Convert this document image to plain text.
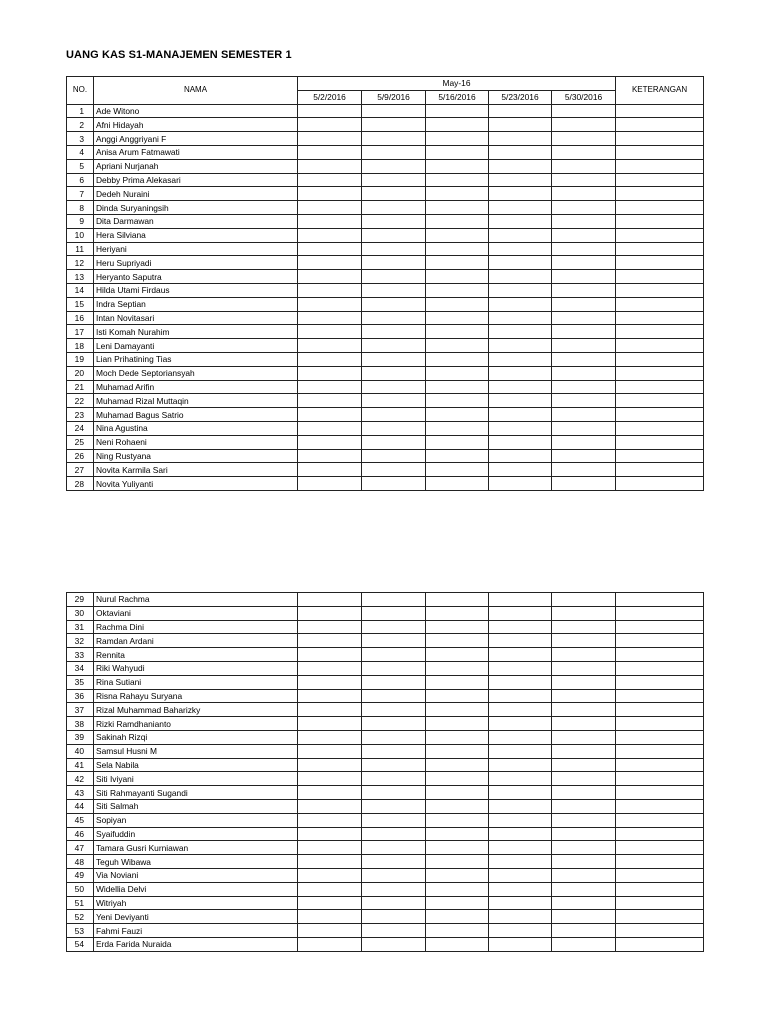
UANG KAS S1-MANAJEMEN SEMESTER 1
NO.	NAMA	May-16					KETERANGAN
		5/2/2016	5/9/2016	5/16/2016	5/23/2016	5/30/2016	
1	Ade Witono						
2	Afni Hidayah						
3	Anggi Anggriyani F						
4	Anisa Arum Fatmawati						
5	Apriani Nurjanah						
6	Debby Prima Alekasari						
7	Dedeh Nuraini						
8	Dinda Suryaningsih						
9	Dita Darmawan						
10	Hera Silviana						
11	Heriyani						
12	Heru Supriyadi						
13	Heryanto Saputra						
14	Hilda Utami Firdaus						
15	Indra Septian						
16	Intan Novitasari						
17	Isti Komah Nurahim						
18	Leni Damayanti						
19	Lian Prihatining Tias						
20	Moch Dede Septoriansyah						
21	Muhamad Arifin						
22	Muhamad Rizal Muttaqin						
23	Muhamad Bagus Satrio						
24	Nina Agustina						
25	Neni Rohaeni						
26	Ning Rustyana						
27	Novita Karmila Sari						
28	Novita Yuliyanti						
29	Nurul Rachma						
30	Oktaviani						
31	Rachma Dini						
32	Ramdan Ardani						
33	Rennita						
34	Riki Wahyudi						
35	Rina Sutiani						
36	Risna Rahayu Suryana						
37	Rizal Muhammad Baharizky						
38	Rizki Ramdhanianto						
39	Sakinah Rizqi						
40	Samsul Husni M						
41	Sela Nabila						
42	Siti Iviyani						
43	Siti Rahmayanti Sugandi						
44	Siti Salmah						
45	Sopiyan						
46	Syaifuddin						
47	Tamara Gusri Kurniawan						
48	Teguh Wibawa						
49	Via Noviani						
50	Widellia Delvi						
51	Witriyah						
52	Yeni Deviyanti						
53	Fahmi Fauzi						
54	Erda Farida Nuraida						
